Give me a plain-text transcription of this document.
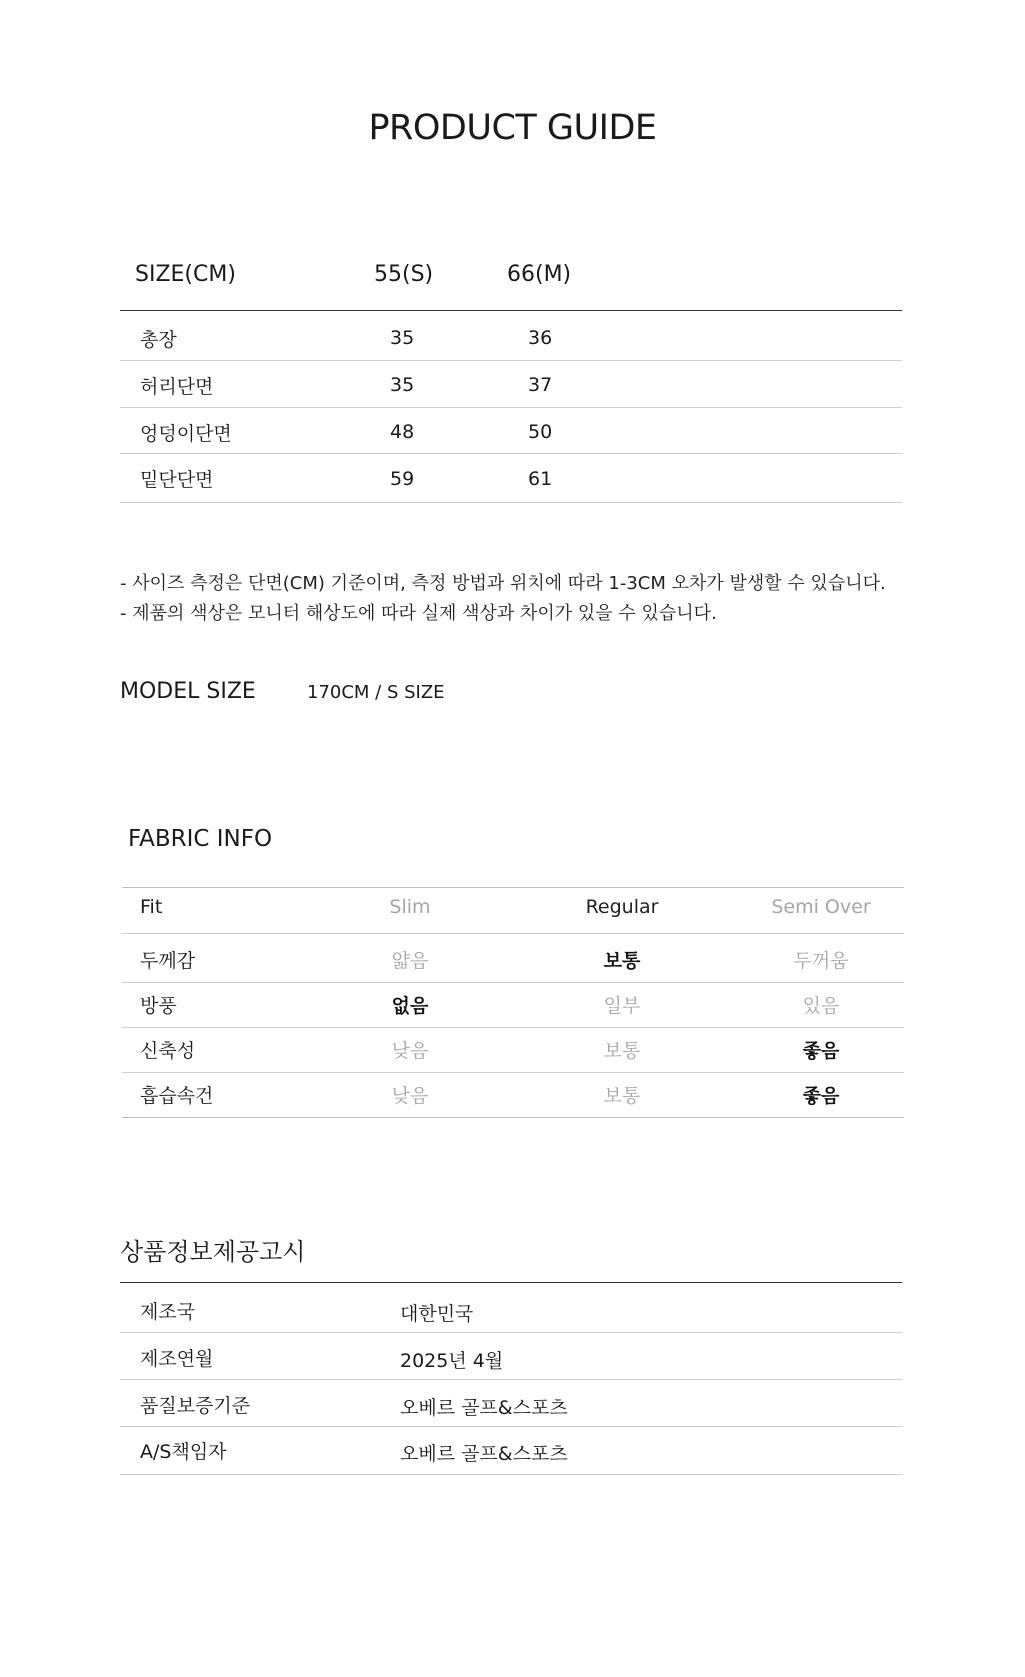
PRODUCT GUIDE
SIZE(CM)	55(S)	66(M)
총장	35	36
허리단면	35	37
엉덩이단면	48	50
밑단단면	59	61
- 사이즈 측정은 단면(CM) 기준이며, 측정 방법과 위치에 따라 1-3CM 오차가 발생할 수 있습니다.
- 제품의 색상은 모니터 해상도에 따라 실제 색상과 차이가 있을 수 있습니다.
MODEL SIZE	170CM / S SIZE
FABRIC INFO
Fit	Slim	Regular	Semi Over
두께감	얇음	보통	두꺼움
방풍	없음	일부	있음
신축성	낮음	보통	좋음
흡습속건	낮음	보통	좋음
상품정보제공고시
제조국	대한민국
제조연월	2025년 4월
품질보증기준	오베르 골프&스포츠
A/S책임자	오베르 골프&스포츠
